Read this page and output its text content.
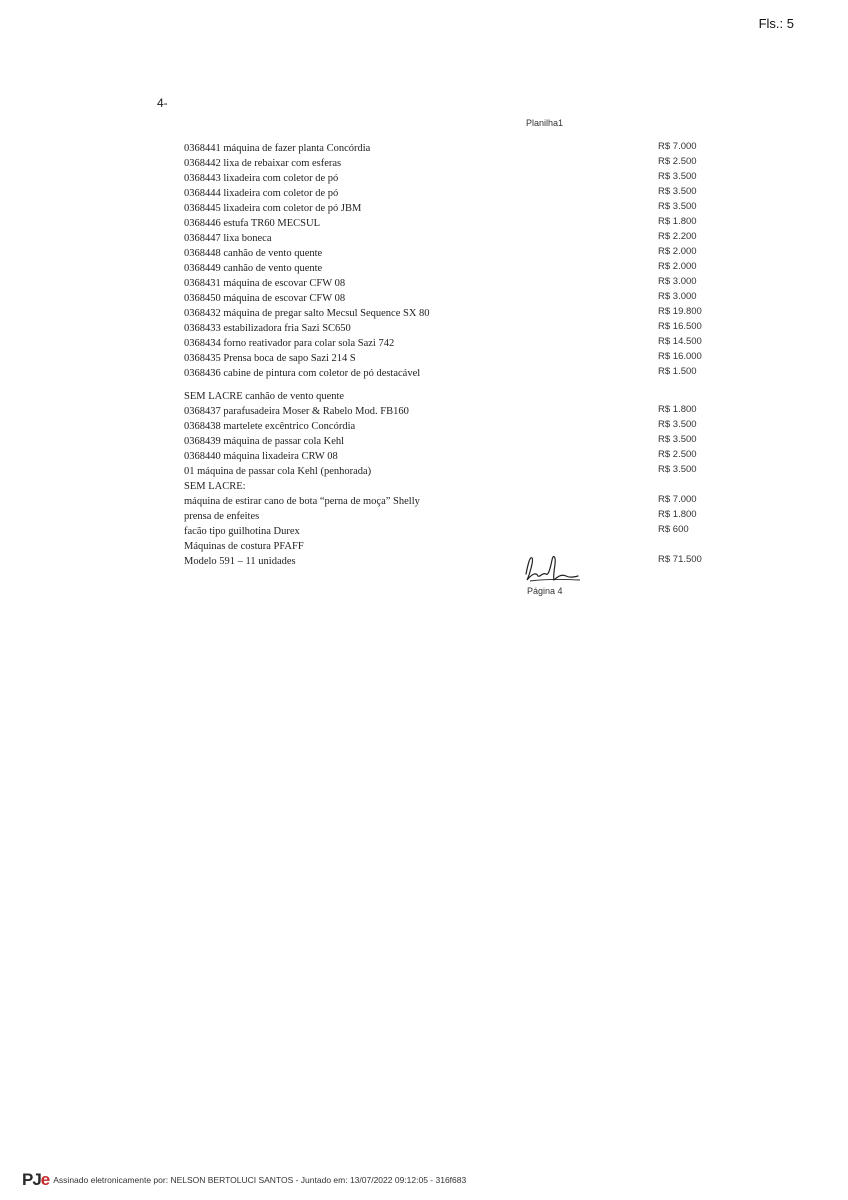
Fls.: 5
4-
Planilha1
0368441 máquina de fazer planta Concórdia	R$ 7.000
0368442 lixa de rebaixar com esferas	R$ 2.500
0368443 lixadeira com coletor de pó	R$ 3.500
0368444 lixadeira com coletor de pó	R$ 3.500
0368445 lixadeira com coletor de pó JBM	R$ 3.500
0368446 estufa TR60 MECSUL	R$ 1.800
0368447 lixa boneca	R$ 2.200
0368448 canhão de vento quente	R$ 2.000
0368449 canhão de vento quente	R$ 2.000
0368431 máquina de escovar CFW 08	R$ 3.000
0368450 máquina de escovar CFW 08	R$ 3.000
0368432 máquina de pregar salto Mecsul Sequence SX 80	R$ 19.800
0368433 estabilizadora fria Sazi SC650	R$ 16.500
0368434 forno reativador para colar sola Sazi 742	R$ 14.500
0368435 Prensa boca de sapo Sazi 214 S	R$ 16.000
0368436 cabine de pintura com coletor de pó destacável	R$ 1.500
SEM LACRE canhão de vento quente
0368437 parafusadeira Moser & Rabelo Mod. FB160	R$ 1.800
0368438 martelete excêntrico Concórdia	R$ 3.500
0368439 máquina de passar cola Kehl	R$ 3.500
0368440 máquina lixadeira CRW 08	R$ 2.500
01 máquina de passar cola Kehl (penhorada)	R$ 3.500
SEM LACRE:
máquina de estirar cano de bota “perna de moça” Shelly	R$ 7.000
prensa de enfeites	R$ 1.800
facão tipo guilhotina Durex	R$ 600
Máquinas de costura PFAFF
Modelo 591 – 11 unidades	R$ 71.500
Página 4
PJe Assinado eletronicamente por: NELSON BERTOLUCI SANTOS - Juntado em: 13/07/2022 09:12:05 - 316f683
